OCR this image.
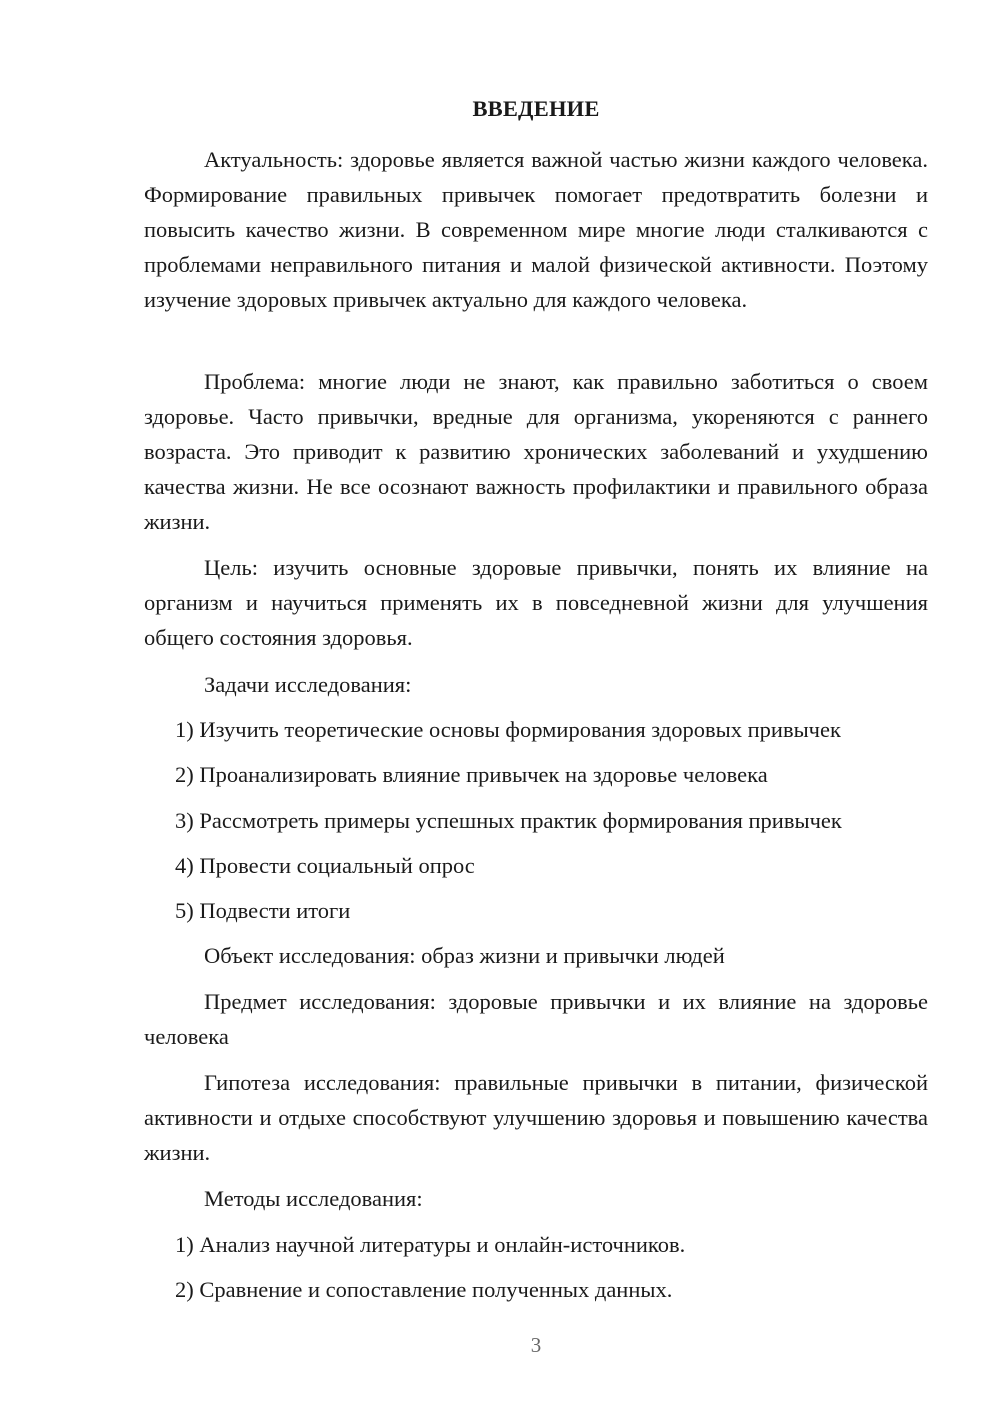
ВВЕДЕНИЕ

Актуальность: здоровье является важной частью жизни каждого человека. Формирование правильных привычек помогает предотвратить болезни и повысить качество жизни. В современном мире многие люди сталкиваются с проблемами неправильного питания и малой физической активности. Поэтому изучение здоровых привычек актуально для каждого человека.

Проблема: многие люди не знают, как правильно заботиться о своем здоровье. Часто привычки, вредные для организма, укореняются с раннего возраста. Это приводит к развитию хронических заболеваний и ухудшению качества жизни. Не все осознают важность профилактики и правильного образа жизни.

Цель: изучить основные здоровые привычки, понять их влияние на организм и научиться применять их в повседневной жизни для улучшения общего состояния здоровья.

Задачи исследования:

1) Изучить теоретические основы формирования здоровых привычек

2) Проанализировать влияние привычек на здоровье человека

3) Рассмотреть примеры успешных практик формирования привычек

4) Провести социальный опрос

5) Подвести итоги

Объект исследования: образ жизни и привычки людей

Предмет исследования: здоровые привычки и их влияние на здоровье человека

Гипотеза исследования: правильные привычки в питании, физической активности и отдыхе способствуют улучшению здоровья и повышению качества жизни.

Методы исследования:

1) Анализ научной литературы и онлайн-источников.

2) Сравнение и сопоставление полученных данных.

3
